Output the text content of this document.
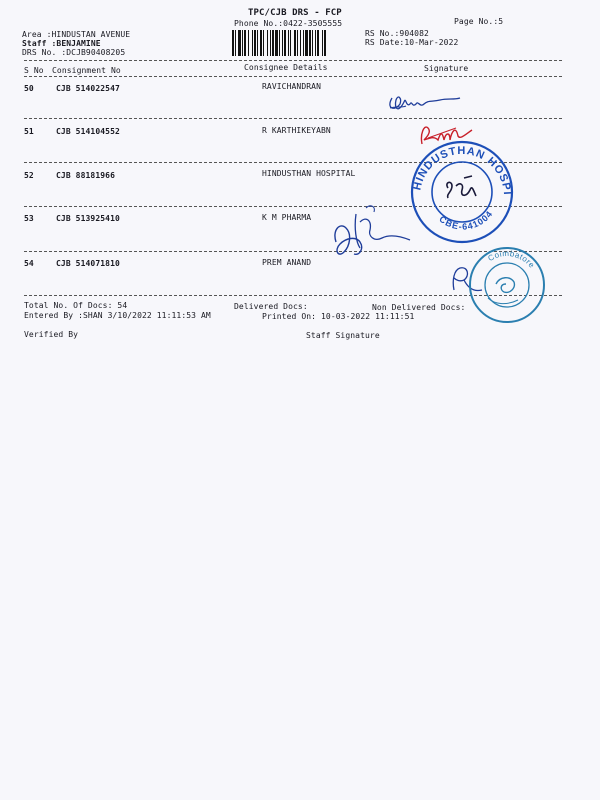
TPC/CJB DRS - FCP
Phone No.:0422-3505555	Page No.:5
Area :HINDUSTAN AVENUE
Staff :BENJAMINE
DRS No. :DCJB90408205
RS No.:904082
RS Date:10-Mar-2022
S No Consignment No	Consignee Details	Signature
50	CJB 514022547	RAVICHANDRAN
51	CJB 514104552	R KARTHIKEYABN
52	CJB 88181966	HINDUSTHAN HOSPITAL
53	CJB 513925410	K M PHARMA
54	CJB 514071810	PREM ANAND
Total No. Of Docs: 54	Delivered Docs:	Non Delivered Docs:
Entered By :SHAN 3/10/2022 11:11:53 AM	Printed On: 10-03-2022 11:11:51
Verified By	Staff Signature
HINDUSTHAN HOSPITAL
CBE-641004
Coimbatore
